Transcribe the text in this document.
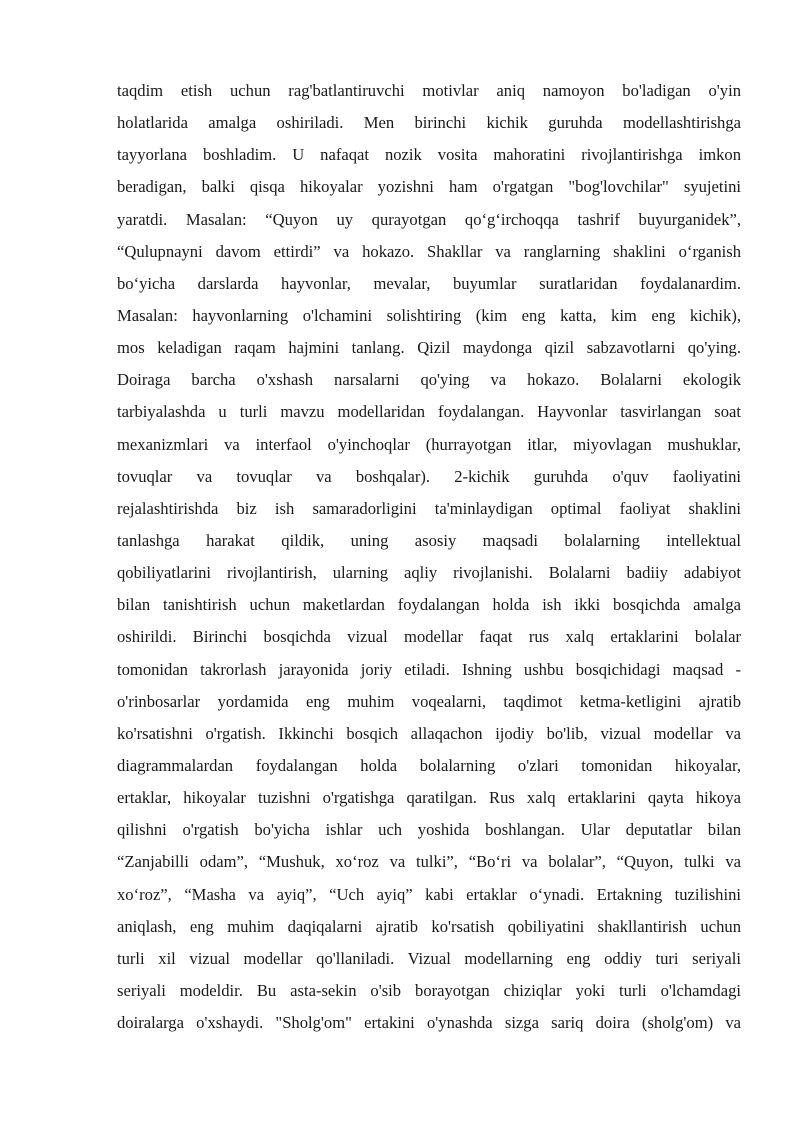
taqdim etish uchun rag'batlantiruvchi motivlar aniq namoyon bo'ladigan o'yin
holatlarida amalga oshiriladi. Men birinchi kichik guruhda modellashtirishga
tayyorlana boshladim. U nafaqat nozik vosita mahoratini rivojlantirishga imkon
beradigan, balki qisqa hikoyalar yozishni ham o'rgatgan "bog'lovchilar" syujetini
yaratdi. Masalan: “Quyon uy qurayotgan qo‘g‘irchoqqa tashrif buyurganidek”,
“Qulupnayni davom ettirdi” va hokazo. Shakllar va ranglarning shaklini o‘rganish
bo‘yicha darslarda hayvonlar, mevalar, buyumlar suratlaridan foydalanardim.
Masalan: hayvonlarning o'lchamini solishtiring (kim eng katta, kim eng kichik),
mos keladigan raqam hajmini tanlang. Qizil maydonga qizil sabzavotlarni qo'ying.
Doiraga barcha o'xshash narsalarni qo'ying va hokazo. Bolalarni ekologik
tarbiyalashda u turli mavzu modellaridan foydalangan. Hayvonlar tasvirlangan soat
mexanizmlari va interfaol o'yinchoqlar (hurrayotgan itlar, miyovlagan mushuklar,
tovuqlar va tovuqlar va boshqalar). 2-kichik guruhda o'quv faoliyatini
rejalashtirishda biz ish samaradorligini ta'minlaydigan optimal faoliyat shaklini
tanlashga harakat qildik, uning asosiy maqsadi bolalarning intellektual
qobiliyatlarini rivojlantirish, ularning aqliy rivojlanishi. Bolalarni badiiy adabiyot
bilan tanishtirish uchun maketlardan foydalangan holda ish ikki bosqichda amalga
oshirildi. Birinchi bosqichda vizual modellar faqat rus xalq ertaklarini bolalar
tomonidan takrorlash jarayonida joriy etiladi. Ishning ushbu bosqichidagi maqsad -
o'rinbosarlar yordamida eng muhim voqealarni, taqdimot ketma-ketligini ajratib
ko'rsatishni o'rgatish. Ikkinchi bosqich allaqachon ijodiy bo'lib, vizual modellar va
diagrammalardan foydalangan holda bolalarning o'zlari tomonidan hikoyalar,
ertaklar, hikoyalar tuzishni o'rgatishga qaratilgan. Rus xalq ertaklarini qayta hikoya
qilishni o'rgatish bo'yicha ishlar uch yoshida boshlangan. Ular deputatlar bilan
“Zanjabilli odam”, “Mushuk, xo‘roz va tulki”, “Bo‘ri va bolalar”, “Quyon, tulki va
xo‘roz”, “Masha va ayiq”, “Uch ayiq” kabi ertaklar o‘ynadi. Ertakning tuzilishini
aniqlash, eng muhim daqiqalarni ajratib ko'rsatish qobiliyatini shakllantirish uchun
turli xil vizual modellar qo'llaniladi. Vizual modellarning eng oddiy turi seriyali
seriyali modeldir. Bu asta-sekin o'sib borayotgan chiziqlar yoki turli o'lchamdagi
doiralarga o'xshaydi. "Sholg'om" ertakini o'ynashda sizga sariq doira (sholg'om) va
